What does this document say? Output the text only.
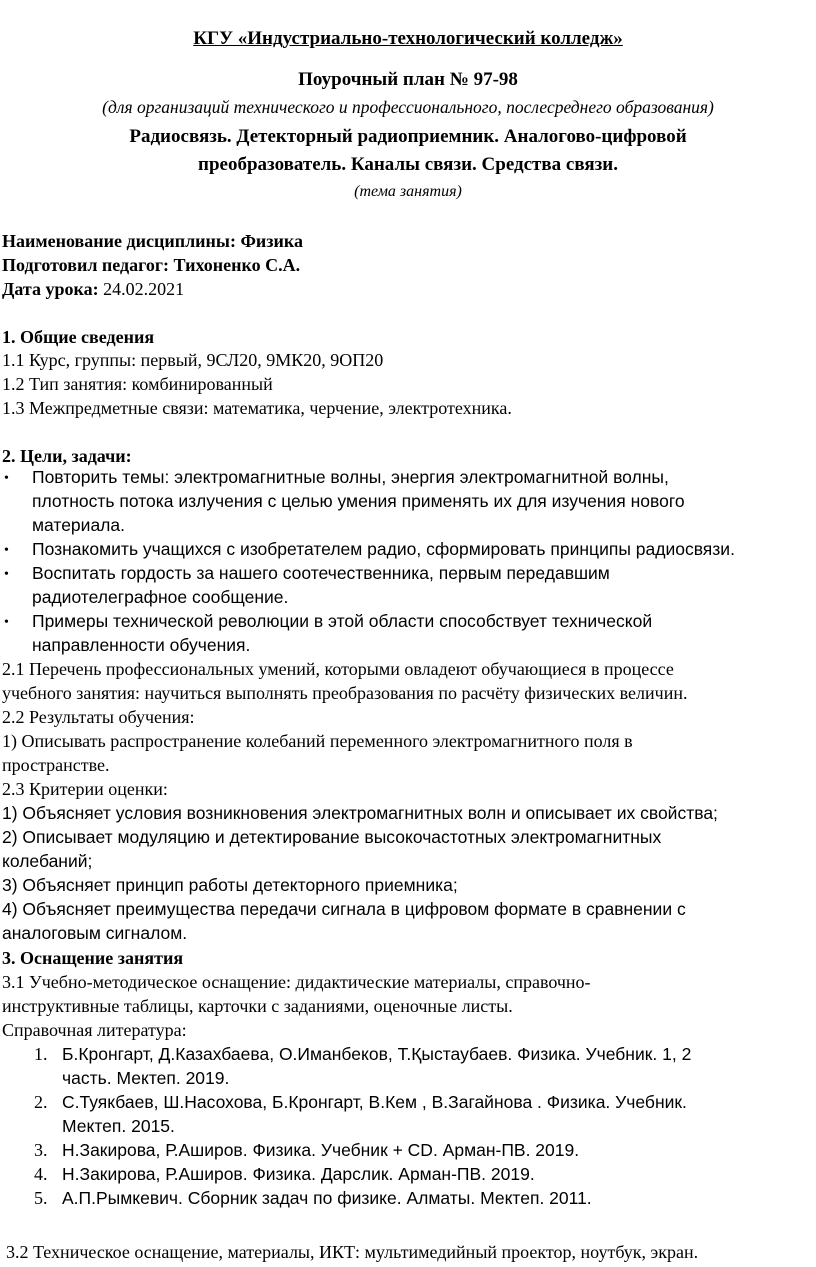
КГУ «Индустриально-технологический колледж»
Поурочный план № 97-98
(для организаций технического и профессионального, послесреднего образования)
Радиосвязь. Детекторный радиоприемник. Аналогово-цифровой
преобразователь. Каналы связи. Средства связи.
(тема занятия)
Наименование дисциплины: Физика
Подготовил педагог: Тихоненко С.А.
Дата урока: 24.02.2021
1. Общие сведения
1.1 Курс, группы: первый, 9СЛ20, 9МК20, 9ОП20
1.2 Тип занятия: комбинированный
1.3 Межпредметные связи: математика, черчение, электротехника.
2. Цели, задачи:
• Повторить темы: электромагнитные волны, энергия электромагнитной волны,
плотность потока излучения с целью умения применять их для изучения нового
материала.
• Познакомить учащихся с изобретателем радио, сформировать принципы радиосвязи.
• Воспитать гордость за нашего соотечественника, первым передавшим
радиотелеграфное сообщение.
• Примеры технической революции в этой области способствует технической
направленности обучения.
2.1 Перечень профессиональных умений, которыми овладеют обучающиеся в процессе
учебного занятия: научиться выполнять преобразования по расчёту физических величин.
2.2 Результаты обучения:
1) Описывать распространение колебаний переменного электромагнитного поля в
пространстве.
2.3 Критерии оценки:
1) Объясняет условия возникновения электромагнитных волн и описывает их свойства;
2) Описывает модуляцию и детектирование высокочастотных электромагнитных
колебаний;
3) Объясняет принцип работы детекторного приемника;
4) Объясняет преимущества передачи сигнала в цифровом формате в сравнении с
аналоговым сигналом.
3. Оснащение занятия
3.1 Учебно-методическое оснащение: дидактические материалы, справочно-
инструктивные таблицы, карточки с заданиями, оценочные листы.
Справочная литература:
1. Б.Кронгарт, Д.Казахбаева, О.Иманбеков, Т.Қыстаубаев. Физика. Учебник. 1, 2
часть. Мектеп. 2019.
2. С.Туякбаев, Ш.Насохова, Б.Кронгарт, В.Кем , В.Загайнова . Физика. Учебник.
Мектеп. 2015.
3. Н.Закирова, Р.Аширов. Физика. Учебник + CD. Арман-ПВ. 2019.
4. Н.Закирова, Р.Аширов. Физика. Дарслик. Арман-ПВ. 2019.
5. А.П.Рымкевич. Сборник задач по физике. Алматы. Мектеп. 2011.
3.2 Техническое оснащение, материалы, ИКТ: мультимедийный проектор, ноутбук, экран.
